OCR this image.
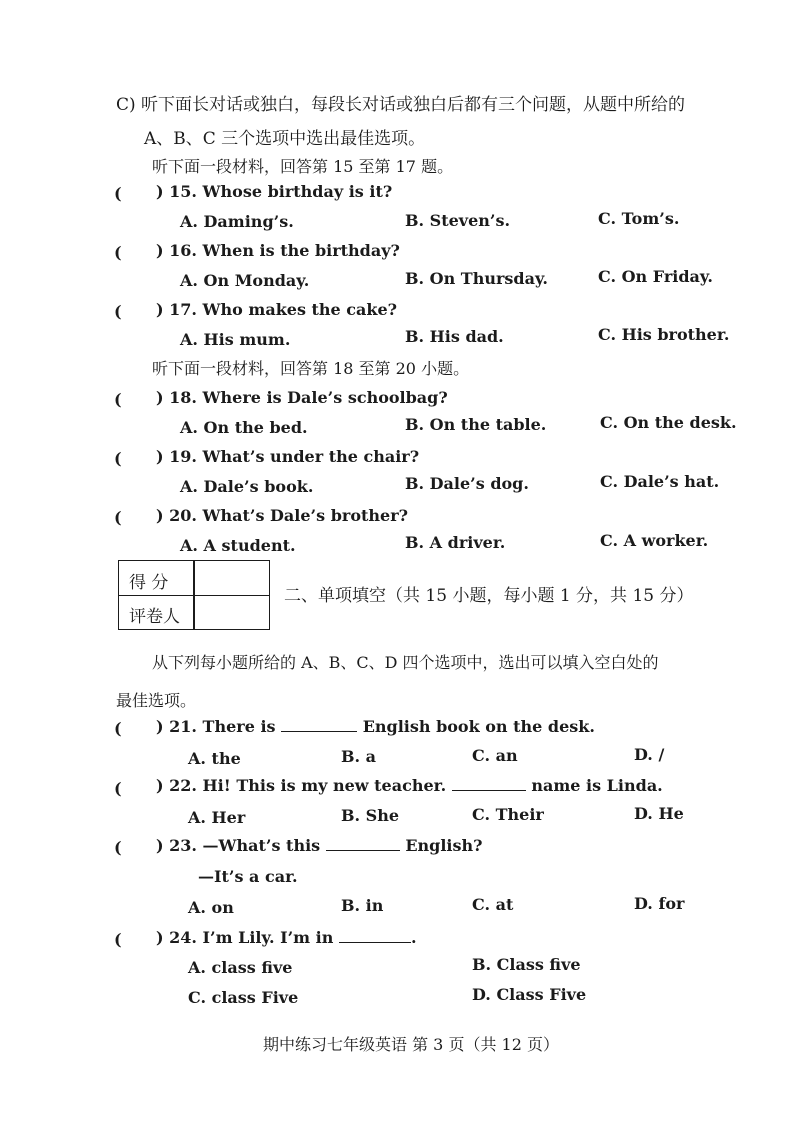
C) 听下面长对话或独白，每段长对话或独白后都有三个问题，从题中所给的
A、B、C 三个选项中选出最佳选项。
听下面一段材料，回答第 15 至第 17 题。
( ) 15. Whose birthday is it?
A. Daming’s.	B. Steven’s.	C. Tom’s.
( ) 16. When is the birthday?
A. On Monday.	B. On Thursday.	C. On Friday.
( ) 17. Who makes the cake?
A. His mum.	B. His dad.	C. His brother.
听下面一段材料，回答第 18 至第 20 小题。
( ) 18. Where is Dale’s schoolbag?
A. On the bed.	B. On the table.	C. On the desk.
( ) 19. What’s under the chair?
A. Dale’s book.	B. Dale’s dog.	C. Dale’s hat.
( ) 20. What’s Dale’s brother?
A. A student.	B. A driver.	C. A worker.
得 分
评卷人
二、单项填空（共 15 小题，每小题 1 分，共 15 分）
从下列每小题所给的 A、B、C、D 四个选项中，选出可以填入空白处的
最佳选项。
( ) 21. There is	English book on the desk.
A. the	B. a	C. an	D. /
( ) 22. Hi! This is my new teacher.	name is Linda.
A. Her	B. She	C. Their	D. He
( ) 23. —What’s this	English?
—It’s a car.
A. on	B. in	C. at	D. for
( ) 24. I’m Lily. I’m in	.
A. class five	B. Class five
C. class Five	D. Class Five
期中练习七年级英语 第 3 页（共 12 页）
